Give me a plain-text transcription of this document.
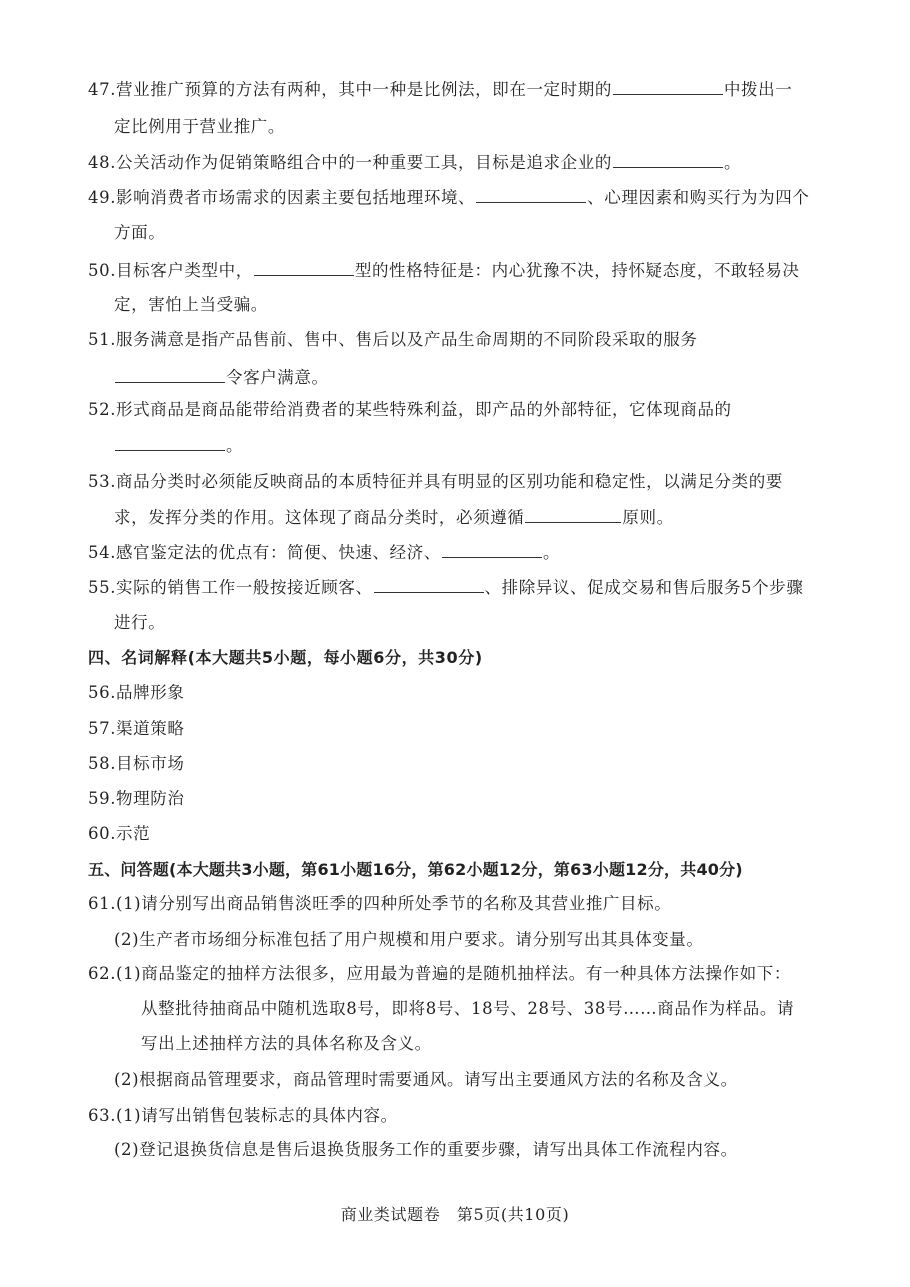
47.营业推广预算的方法有两种，其中一种是比例法，即在一定时期的	中拨出一
定比例用于营业推广。
48.公关活动作为促销策略组合中的一种重要工具，目标是追求企业的	。
49.影响消费者市场需求的因素主要包括地理环境、	、心理因素和购买行为为四个
方面。
50.目标客户类型中，	型的性格特征是：内心犹豫不决，持怀疑态度，不敢轻易决
定，害怕上当受骗。
51.服务满意是指产品售前、售中、售后以及产品生命周期的不同阶段采取的服务
令客户满意。
52.形式商品是商品能带给消费者的某些特殊利益，即产品的外部特征，它体现商品的
。
53.商品分类时必须能反映商品的本质特征并具有明显的区别功能和稳定性，以满足分类的要
求，发挥分类的作用。这体现了商品分类时，必须遵循	原则。
54.感官鉴定法的优点有：简便、快速、经济、	。
55.实际的销售工作一般按接近顾客、	、排除异议、促成交易和售后服务5个步骤
进行。
四、名词解释(本大题共5小题，每小题6分，共30分)
56.品牌形象
57.渠道策略
58.目标市场
59.物理防治
60.示范
五、问答题(本大题共3小题，第61小题16分，第62小题12分，第63小题12分，共40分)
61.(1)请分别写出商品销售淡旺季的四种所处季节的名称及其营业推广目标。
(2)生产者市场细分标准包括了用户规模和用户要求。请分别写出其具体变量。
62.(1)商品鉴定的抽样方法很多，应用最为普遍的是随机抽样法。有一种具体方法操作如下：
从整批待抽商品中随机选取8号，即将8号、18号、28号、38号……商品作为样品。请
写出上述抽样方法的具体名称及含义。
(2)根据商品管理要求，商品管理时需要通风。请写出主要通风方法的名称及含义。
63.(1)请写出销售包装标志的具体内容。
(2)登记退换货信息是售后退换货服务工作的重要步骤，请写出具体工作流程内容。
商业类试题卷　第5页(共10页)
